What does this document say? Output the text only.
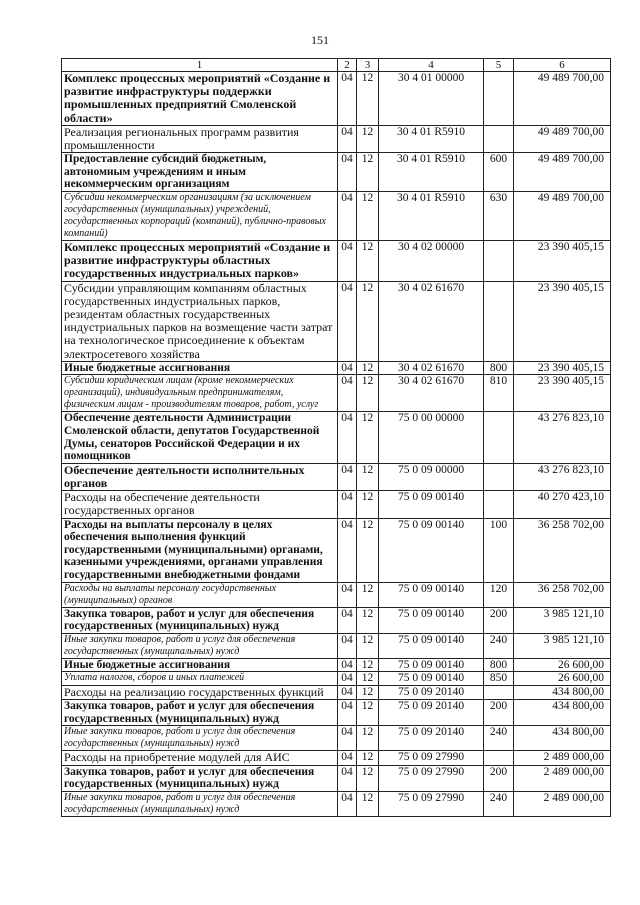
151
1	2	3	4	5	6
Комплекс процессных мероприятий «Создание и развитие инфраструктуры поддержки промышленных предприятий Смоленской области»	04	12	30 4 01 00000		49 489 700,00
Реализация региональных программ развития промышленности	04	12	30 4 01 R5910		49 489 700,00
Предоставление субсидий бюджетным, автономным учреждениям и иным некоммерческим организациям	04	12	30 4 01 R5910	600	49 489 700,00
Субсидии некоммерческим организациям (за исключением государственных (муниципальных) учреждений, государственных корпораций (компаний), публично-правовых компаний)	04	12	30 4 01 R5910	630	49 489 700,00
Комплекс процессных мероприятий «Создание и развитие инфраструктуры областных государственных индустриальных парков»	04	12	30 4 02 00000		23 390 405,15
Субсидии управляющим компаниям областных государственных индустриальных парков, резидентам областных государственных индустриальных парков на возмещение части затрат на технологическое присоединение к объектам электросетевого хозяйства	04	12	30 4 02 61670		23 390 405,15
Иные бюджетные ассигнования	04	12	30 4 02 61670	800	23 390 405,15
Субсидии юридическим лицам (кроме некоммерческих организаций), индивидуальным предпринимателям, физическим лицам - производителям товаров, работ, услуг	04	12	30 4 02 61670	810	23 390 405,15
Обеспечение деятельности Администрации Смоленской области, депутатов Государственной Думы, сенаторов Российской Федерации и их помощников	04	12	75 0 00 00000		43 276 823,10
Обеспечение деятельности исполнительных органов	04	12	75 0 09 00000		43 276 823,10
Расходы на обеспечение деятельности государственных органов	04	12	75 0 09 00140		40 270 423,10
Расходы на выплаты персоналу в целях обеспечения выполнения функций государственными (муниципальными) органами, казенными учреждениями, органами управления государственными внебюджетными фондами	04	12	75 0 09 00140	100	36 258 702,00
Расходы на выплаты персоналу государственных (муниципальных) органов	04	12	75 0 09 00140	120	36 258 702,00
Закупка товаров, работ и услуг для обеспечения государственных (муниципальных) нужд	04	12	75 0 09 00140	200	3 985 121,10
Иные закупки товаров, работ и услуг для обеспечения государственных (муниципальных) нужд	04	12	75 0 09 00140	240	3 985 121,10
Иные бюджетные ассигнования	04	12	75 0 09 00140	800	26 600,00
Уплата налогов, сборов и иных платежей	04	12	75 0 09 00140	850	26 600,00
Расходы на реализацию государственных функций	04	12	75 0 09 20140		434 800,00
Закупка товаров, работ и услуг для обеспечения государственных (муниципальных) нужд	04	12	75 0 09 20140	200	434 800,00
Иные закупки товаров, работ и услуг для обеспечения государственных (муниципальных) нужд	04	12	75 0 09 20140	240	434 800,00
Расходы на приобретение модулей для АИС	04	12	75 0 09 27990		2 489 000,00
Закупка товаров, работ и услуг для обеспечения государственных (муниципальных) нужд	04	12	75 0 09 27990	200	2 489 000,00
Иные закупки товаров, работ и услуг для обеспечения государственных (муниципальных) нужд	04	12	75 0 09 27990	240	2 489 000,00
